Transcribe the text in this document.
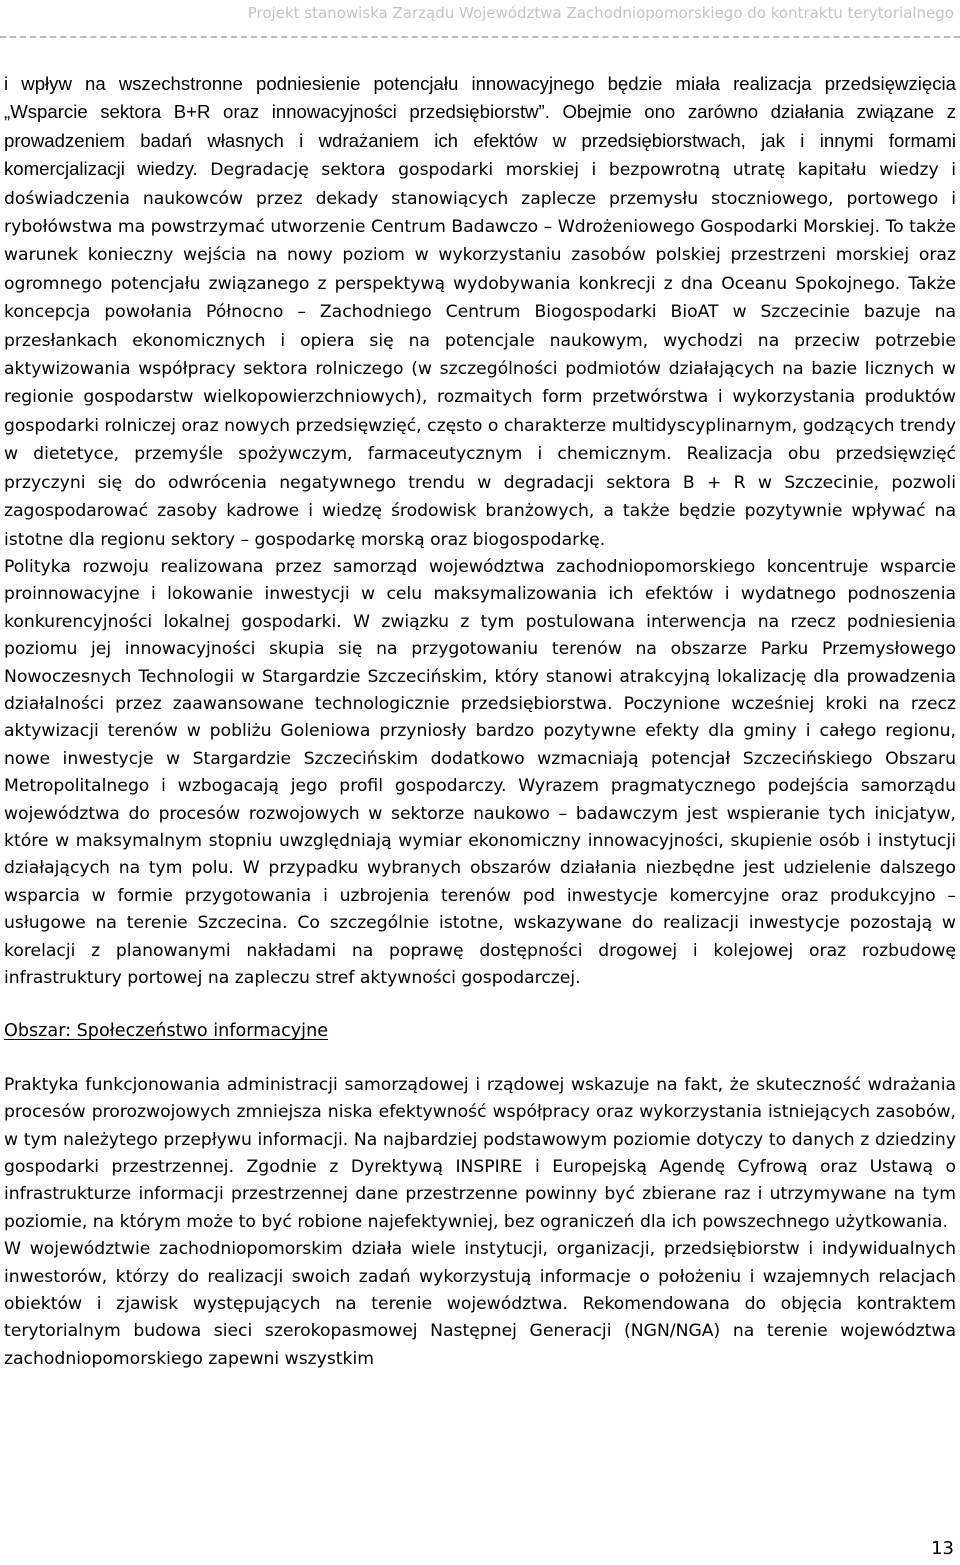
Projekt stanowiska Zarządu Województwa Zachodniopomorskiego do kontraktu terytorialnego

i wpływ na wszechstronne podniesienie potencjału innowacyjnego będzie miała realizacja przedsięwzięcia „Wsparcie sektora B+R oraz innowacyjności przedsiębiorstw”. Obejmie ono zarówno działania związane z prowadzeniem badań własnych i wdrażaniem ich efektów w przedsiębiorstwach, jak i innymi formami komercjalizacji wiedzy. Degradację sektora gospodarki morskiej i bezpowrotną utratę kapitału wiedzy i doświadczenia naukowców przez dekady stanowiących zaplecze przemysłu stoczniowego, portowego i rybołówstwa ma powstrzymać utworzenie Centrum Badawczo – Wdrożeniowego Gospodarki Morskiej. To także warunek konieczny wejścia na nowy poziom w wykorzystaniu zasobów polskiej przestrzeni morskiej oraz ogromnego potencjału związanego z perspektywą wydobywania konkrecji z dna Oceanu Spokojnego. Także koncepcja powołania Północno – Zachodniego Centrum Biogospodarki BioAT w Szczecinie bazuje na przesłankach ekonomicznych i opiera się na potencjale naukowym, wychodzi na przeciw potrzebie aktywizowania współpracy sektora rolniczego (w szczególności podmiotów działających na bazie licznych w regionie gospodarstw wielkopowierzchniowych), rozmaitych form przetwórstwa i wykorzystania produktów gospodarki rolniczej oraz nowych przedsięwzięć, często o charakterze multidyscyplinarnym, godzących trendy w dietetyce, przemyśle spożywczym, farmaceutycznym i chemicznym. Realizacja obu przedsięwzięć przyczyni się do odwrócenia negatywnego trendu w degradacji sektora B + R w Szczecinie, pozwoli zagospodarować zasoby kadrowe i wiedzę środowisk branżowych, a także będzie pozytywnie wpływać na istotne dla regionu sektory – gospodarkę morską oraz biogospodarkę.

Polityka rozwoju realizowana przez samorząd województwa zachodniopomorskiego koncentruje wsparcie proinnowacyjne i lokowanie inwestycji w celu maksymalizowania ich efektów i wydatnego podnoszenia konkurencyjności lokalnej gospodarki. W związku z tym postulowana interwencja na rzecz podniesienia poziomu jej innowacyjności skupia się na przygotowaniu terenów na obszarze Parku Przemysłowego Nowoczesnych Technologii w Stargardzie Szczecińskim, który stanowi atrakcyjną lokalizację dla prowadzenia działalności przez zaawansowane technologicznie przedsiębiorstwa. Poczynione wcześniej kroki na rzecz aktywizacji terenów w pobliżu Goleniowa przyniosły bardzo pozytywne efekty dla gminy i całego regionu, nowe inwestycje w Stargardzie Szczecińskim dodatkowo wzmacniają potencjał Szczecińskiego Obszaru Metropolitalnego i wzbogacają jego profil gospodarczy. Wyrazem pragmatycznego podejścia samorządu województwa do procesów rozwojowych w sektorze naukowo – badawczym jest wspieranie tych inicjatyw, które w maksymalnym stopniu uwzględniają wymiar ekonomiczny innowacyjności, skupienie osób i instytucji działających na tym polu. W przypadku wybranych obszarów działania niezbędne jest udzielenie dalszego wsparcia w formie przygotowania i uzbrojenia terenów pod inwestycje komercyjne oraz produkcyjno – usługowe na terenie Szczecina. Co szczególnie istotne, wskazywane do realizacji inwestycje pozostają w korelacji z planowanymi nakładami na poprawę dostępności drogowej i kolejowej oraz rozbudowę infrastruktury portowej na zapleczu stref aktywności gospodarczej.

Obszar: Społeczeństwo informacyjne

Praktyka funkcjonowania administracji samorządowej i rządowej wskazuje na fakt, że skuteczność wdrażania procesów prorozwojowych zmniejsza niska efektywność współpracy oraz wykorzystania istniejących zasobów, w tym należytego przepływu informacji. Na najbardziej podstawowym poziomie dotyczy to danych z dziedziny gospodarki przestrzennej. Zgodnie z Dyrektywą INSPIRE i Europejską Agendę Cyfrową oraz Ustawą o infrastrukturze informacji przestrzennej dane przestrzenne powinny być zbierane raz i utrzymywane na tym poziomie, na którym może to być robione najefektywniej, bez ograniczeń dla ich powszechnego użytkowania.

W województwie zachodniopomorskim działa wiele instytucji, organizacji, przedsiębiorstw i indywidualnych inwestorów, którzy do realizacji swoich zadań wykorzystują informacje o położeniu i wzajemnych relacjach obiektów i zjawisk występujących na terenie województwa. Rekomendowana do objęcia kontraktem terytorialnym budowa sieci szerokopasmowej Następnej Generacji (NGN/NGA) na terenie województwa zachodniopomorskiego zapewni wszystkim

13
